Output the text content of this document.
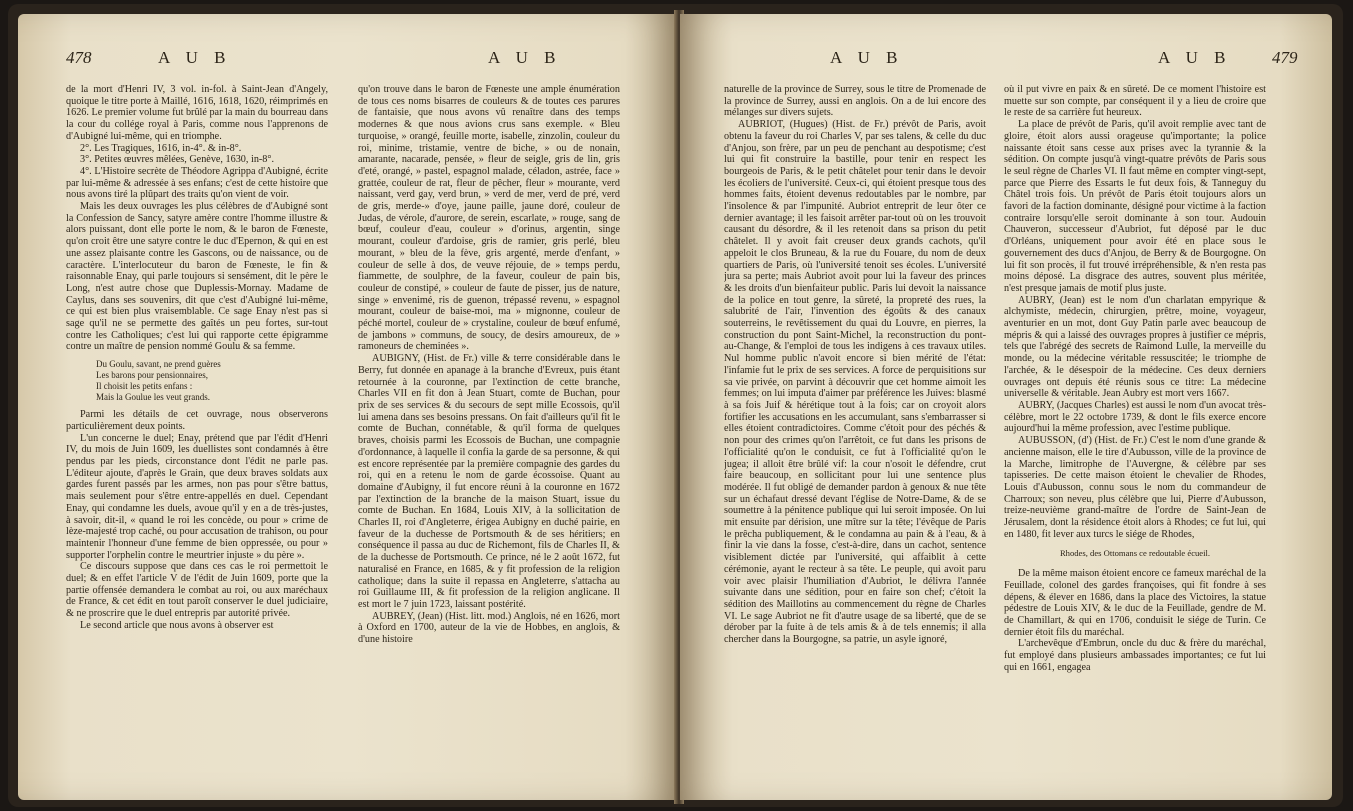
478	A U B	A U B

de la mort d'Henri IV, 3 vol. in-fol. à Saint-Jean d'Angely, quoique le titre porte à Maillé, 1616, 1618, 1620, réimprimés en 1626. Le premier volume fut brûlé par la main du bourreau dans la cour du collége royal à Paris, comme nous l'apprenons de d'Aubigné lui-même, qui en triomphe.

2°. Les Tragiques, 1616, in-4°. & in-8°.

3°. Petites œuvres mêlées, Genève, 1630, in-8°.

4°. L'Histoire secrète de Théodore Agrippa d'Aubigné, écrite par lui-même & adressée à ses enfans; c'est de cette histoire que nous avons tiré la plûpart des traits qu'on vient de voir.

Mais les deux ouvrages les plus célèbres de d'Aubigné sont la Confession de Sancy, satyre amère contre l'homme illustre & alors puissant, dont elle porte le nom, & le baron de Fœneste, qu'on croit être une satyre contre le duc d'Epernon, & qui en est une assez plaisante contre les Gascons, ou de naissance, ou de caractère. L'interlocuteur du baron de Fœneste, le fin & raisonnable Enay, qui parle toujours si sensément, dit le père le Long, n'est autre chose que Duplessis-Mornay. Madame de Caylus, dans ses souvenirs, dit que c'est d'Aubigné lui-même, ce qui est bien plus vraisemblable. Ce sage Enay n'est pas si sage qu'il ne se permette des gaîtés un peu fortes, sur-tout contre les Catholiques; c'est lui qui rapporte cette épigramme contre un maître de pension nommé Goulu & sa femme.

Du Goulu, savant, ne prend guères
Les barons pour pensionnaires,
Il choisit les petits enfans :
Mais la Goulue les veut grands.

Parmi les détails de cet ouvrage, nous observerons particulièrement deux points.

L'un concerne le duel; Enay, prétend que par l'édit d'Henri IV, du mois de Juin 1609, les duellistes sont condamnés à être pendus par les pieds, circonstance dont l'édit ne parle pas. L'éditeur ajoute, d'après le Grain, que deux braves soldats aux gardes furent passés par les armes, non pas pour s'être battus, mais seulement pour s'être entre-appellés en duel. Cependant Enay, qui condamne les duels, avoue qu'il y en a de très-justes, à savoir, dit-il, « quand le roi les concède, ou pour » crime de lèze-majesté trop caché, ou pour accusation de trahison, ou pour maintenir l'honneur d'une femme de bien oppressée, ou pour » supporter l'orphelin contre le meurtrier injuste » du père ».

Ce discours suppose que dans ces cas le roi permettoit le duel; & en effet l'article V de l'édit de Juin 1609, porte que la partie offensée demandera le combat au roi, ou aux maréchaux de France, & cet édit en tout paroît conserver le duel judiciaire, & ne proscrire que le duel entrepris par autorité privée.

Le second article que nous avons à observer est

qu'on trouve dans le baron de Fœneste une ample énumération de tous ces noms bisarres de couleurs & de toutes ces parures de fantaisie, que nous avons vû renaître dans des temps modernes & que nous avions crus sans exemple. « Bleu turquoise, » orangé, feuille morte, isabelle, zinzolin, couleur du roi, minime, tristamie, ventre de biche, » ou de nonain, amarante, nacarade, pensée, » fleur de seigle, gris de lin, gris d'eté, orangé, » pastel, espagnol malade, céladon, astrée, face » grattée, couleur de rat, fleur de pêcher, fleur » mourante, verd naissant, verd gay, verd brun, » verd de mer, verd de pré, verd de gris, merde-» d'oye, jaune paille, jaune doré, couleur de Judas, de vérole, d'aurore, de serein, escarlate, » rouge, sang de bœuf, couleur d'eau, couleur » d'orinus, argentin, singe mourant, couleur d'ardoise, gris de ramier, gris perlé, bleu mourant, » bleu de la fève, gris argenté, merde d'enfant, » couleur de selle à dos, de veuve réjouie, de » temps perdu, fiammette, de soulphre, de la faveur, couleur de pain bis, couleur de constipé, » couleur de faute de pisser, jus de nature, singe » envenimé, ris de guenon, trépassé revenu, » espagnol mourant, couleur de baise-moi, ma » mignonne, couleur de péché mortel, couleur de » crystaline, couleur de bœuf enfumé, de jambons » communs, de soucy, de desirs amoureux, de » ramoneurs de cheminées ».

AUBIGNY, (Hist. de Fr.) ville & terre considérable dans le Berry, fut donnée en apanage à la branche d'Evreux, puis étant retournée à la couronne, par l'extinction de cette branche, Charles VII en fit don à Jean Stuart, comte de Buchan, pour prix de ses services & du secours de sept mille Ecossois, qu'il lui amena dans ses besoins pressans. On fait d'ailleurs qu'il fit le comte de Buchan, connétable, & qu'il forma de quelques braves, choisis parmi les Ecossois de Buchan, une compagnie d'ordonnance, à laquelle il confia la garde de sa personne, & qui est encore représentée par la première compagnie des gardes du roi, qui en a retenu le nom de garde écossoise. Quant au domaine d'Aubigny, il fut encore réuni à la couronne en 1672 par l'extinction de la branche de la maison Stuart, issue du comte de Buchan. En 1684, Louis XIV, à la sollicitation de Charles II, roi d'Angleterre, érigea Aubigny en duché pairie, en faveur de la duchesse de Portsmouth & de ses héritiers; en conséquence il passa au duc de Richemont, fils de Charles II, & de la duchesse de Portsmouth. Ce prince, né le 2 août 1672, fut naturalisé en France, en 1685, & y fit profession de la religion catholique; dans la suite il repassa en Angleterre, s'attacha au roi Guillaume III, & fit profession de la religion anglicane. Il est mort le 7 juin 1723, laissant postérité.

AUBREY, (Jean) (Hist. litt. mod.) Anglois, né en 1626, mort à Oxford en 1700, auteur de la vie de Hobbes, en anglois, & d'une histoire

A U B	A U B 479

naturelle de la province de Surrey, sous le titre de Promenade de la province de Surrey, aussi en anglois. On a de lui encore des mélanges sur divers sujets.

AUBRIOT, (Hugues) (Hist. de Fr.) prévôt de Paris, avoit obtenu la faveur du roi Charles V, par ses talens, & celle du duc d'Anjou, son frère, par un peu de penchant au despotisme; c'est lui qui fit construire la bastille, pour tenir en respect les bourgeois de Paris, & le petit châtelet pour tenir dans le devoir les écoliers de l'université. Ceux-ci, qui étoient presque tous des hommes faits, étoient devenus redoutables par le nombre, par l'insolence & par l'impunité. Aubriot entreprit de leur ôter ce dernier avantage; il les faisoit arrêter par-tout où on les trouvoit causant du désordre, & il les retenoit dans sa prison du petit châtelet. Il y avoit fait creuser deux grands cachots, qu'il appeloit le clos Bruneau, & la rue du Fouare, du nom de deux quartiers de Paris, où l'université tenoit ses écoles. L'université jura sa perte; mais Aubriot avoit pour lui la faveur des princes & les droits d'un bienfaiteur public. Paris lui devoit la naissance de la police en tout genre, la sûreté, la propreté des rues, la salubrité de l'air, l'invention des égoûts & des canaux souterreins, le revêtissement du quai du Louvre, en pierres, la construction du pont Saint-Michel, la reconstruction du pont-au-Change, & l'emploi de tous les indigens à ces travaux utiles. Nul homme public n'avoit encore si bien mérité de l'état: l'infamie fut le prix de ses services. A force de perquisitions sur sa vie privée, on parvint à découvrir que cet homme aimoit les femmes; on lui imputa d'aimer par préférence les Juives: blasmé à sa fois Juif & hérétique tout à la fois; car on croyoit alors fortifier les accusations en les accumulant, sans s'embarrasser si elles étoient contradictoires. Comme c'étoit pour des péchés & non pour des crimes qu'on l'arrêtoit, ce fut dans les prisons de l'officialité qu'on le conduisit, ce fut à l'officialité qu'on le jugea; il alloit être brûlé vif: la cour n'osoit le défendre, crut faire beaucoup, en sollicitant pour lui une sentence plus modérée. Il fut obligé de demander pardon à genoux & nue tête sur un échafaut dressé devant l'église de Notre-Dame, & de se soumettre à la pénitence publique qui lui seroit imposée. On lui mit ensuite par dérision, une mître sur la tête; l'évêque de Paris le prêcha publiquement, & le condamna au pain & à l'eau, & à finir la vie dans la fosse, c'est-à-dire, dans un cachot, sentence visiblement dictée par l'université, qui affaiblit à cette cérémonie, ayant le recteur à sa tête. Le peuple, qui avoit paru voir avec plaisir l'humiliation d'Aubriot, le délivra l'année suivante dans une sédition, pour en faire son chef; c'étoit la sédition des Maillotins au commencement du règne de Charles VI. Le sage Aubriot ne fit d'autre usage de sa liberté, que de se dérober par la fuite à de tels amis & à de tels ennemis; il alla chercher dans la Bourgogne, sa patrie, un asyle ignoré,

où il put vivre en paix & en sûreté. De ce moment l'histoire est muette sur son compte, par conséquent il y a lieu de croire que le reste de sa carrière fut heureux.

La place de prévôt de Paris, qu'il avoit remplie avec tant de gloire, étoit alors aussi orageuse qu'importante; la police naissante étoit sans cesse aux prises avec la tyrannie & la sédition. On compte jusqu'à vingt-quatre prévôts de Paris sous le seul règne de Charles VI. Il faut même en compter vingt-sept, parce que Pierre des Essarts le fut deux fois, & Tanneguy du Châtel trois fois. Un prévôt de Paris étoit toujours alors un favori de la faction dominante, désigné pour victime à la faction contraire lorsqu'elle seroit dominante à son tour. Audouin Chauveron, successeur d'Aubriot, fut déposé par le duc d'Orléans, uniquement pour avoir été en place sous le gouvernement des ducs d'Anjou, de Berry & de Bourgogne. On lui fit son procès, il fut trouvé irrépréhensible, & n'en resta pas moins déposé. La disgrace des autres, souvent plus méritée, n'est presque jamais de motif plus juste.

AUBRY, (Jean) est le nom d'un charlatan empyrique & alchymiste, médecin, chirurgien, prêtre, moine, voyageur, aventurier en un mot, dont Guy Patin parle avec beaucoup de mépris & qui a laissé des ouvrages propres à justifier ce mépris, tels que l'abrégé des secrets de Raimond Lulle, la merveille du monde, ou la médecine véritable ressuscitée; le triomphe de l'archée, & le désespoir de la médecine. Ces deux derniers ouvrages ont depuis été réunis sous ce titre: La médecine universelle & véritable. Jean Aubry est mort vers 1667.

AUBRY, (Jacques Charles) est aussi le nom d'un avocat très-célèbre, mort le 22 octobre 1739, & dont le fils exerce encore aujourd'hui la même profession, avec l'estime publique.

AUBUSSON, (d') (Hist. de Fr.) C'est le nom d'une grande & ancienne maison, elle le tire d'Aubusson, ville de la province de la Marche, limitrophe de l'Auvergne, & célèbre par ses tapisseries. De cette maison étoient le chevalier de Rhodes, Louis d'Aubusson, connu sous le nom du commandeur de Charroux; son neveu, plus célèbre que lui, Pierre d'Aubusson, treize-neuvième grand-maître de l'ordre de Saint-Jean de Jérusalem, dont la résidence étoit alors à Rhodes; ce fut lui, qui en 1480, fit lever aux turcs le siége de Rhodes,

Rhodes, des Ottomans ce redoutable écueil.

De la même maison étoient encore ce fameux maréchal de la Feuillade, colonel des gardes françoises, qui fit fondre à ses dépens, & élever en 1686, dans la place des Victoires, la statue pédestre de Louis XIV, & le duc de la Feuillade, gendre de M. de Chamillart, & qui en 1706, conduisit le siége de Turin. Ce dernier étoit fils du maréchal.

L'archevêque d'Embrun, oncle du duc & frère du maréchal, fut employé dans plusieurs ambassades importantes; ce fut lui qui en 1661, engagea
